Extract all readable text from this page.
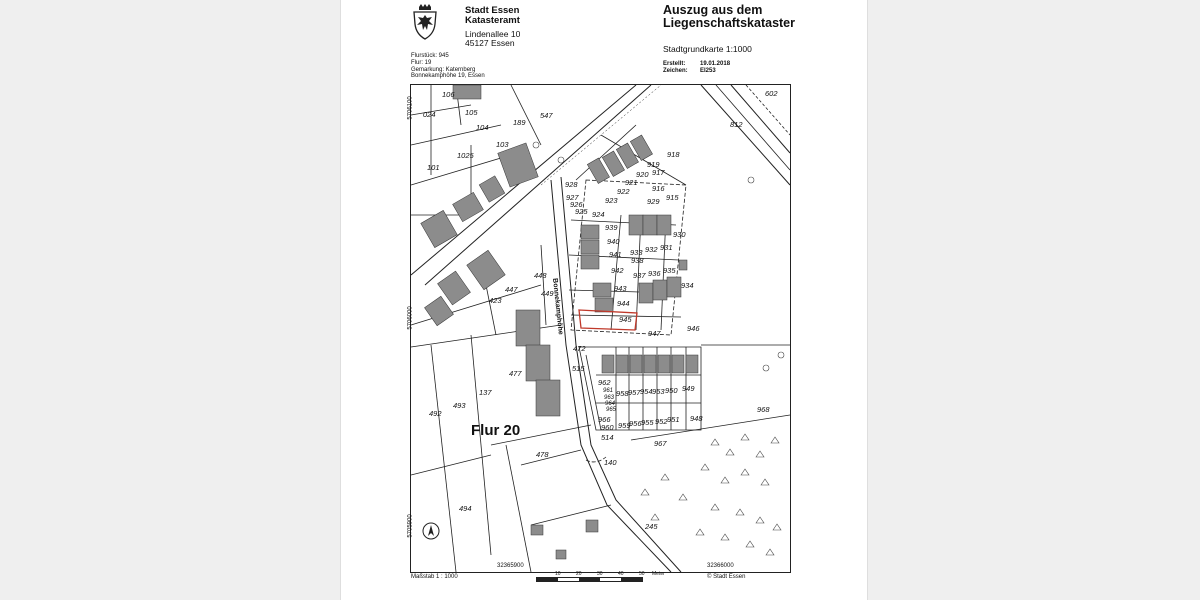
Stadt Essen
Katasteramt
Lindenallee 10
45127 Essen
Auszug aus dem
Liegenschaftskataster
Stadtgrundkarte 1:1000
Erstellt: 19.01.2018
Zeichen: EI253
Flurstück: 945
Flur: 19
Gemarkung: Katernberg
Bonnekamphöhe 19, Essen
602
812
106
105
104
024
189
547
103
1025
101
918
919
917
920
921
916
922
915
928
927
926
925 924
923	929
939
930
940
932 931
933
941
938
942
937 936 935
934
943
944
945
947
946
448
447	449
423
472
515
962
961
963
964
965
966
958 957 954 953 950 949
960 959
956 955 952 951 948
514
967
968
477
137
493
492
478
494
140
245
Flur 20
Bonnekamphöhe
5706100
5706000
5705900
32365900	32366000
Maßstab 1 : 1000	10	20	30	40	50 Meter	© Stadt Essen
